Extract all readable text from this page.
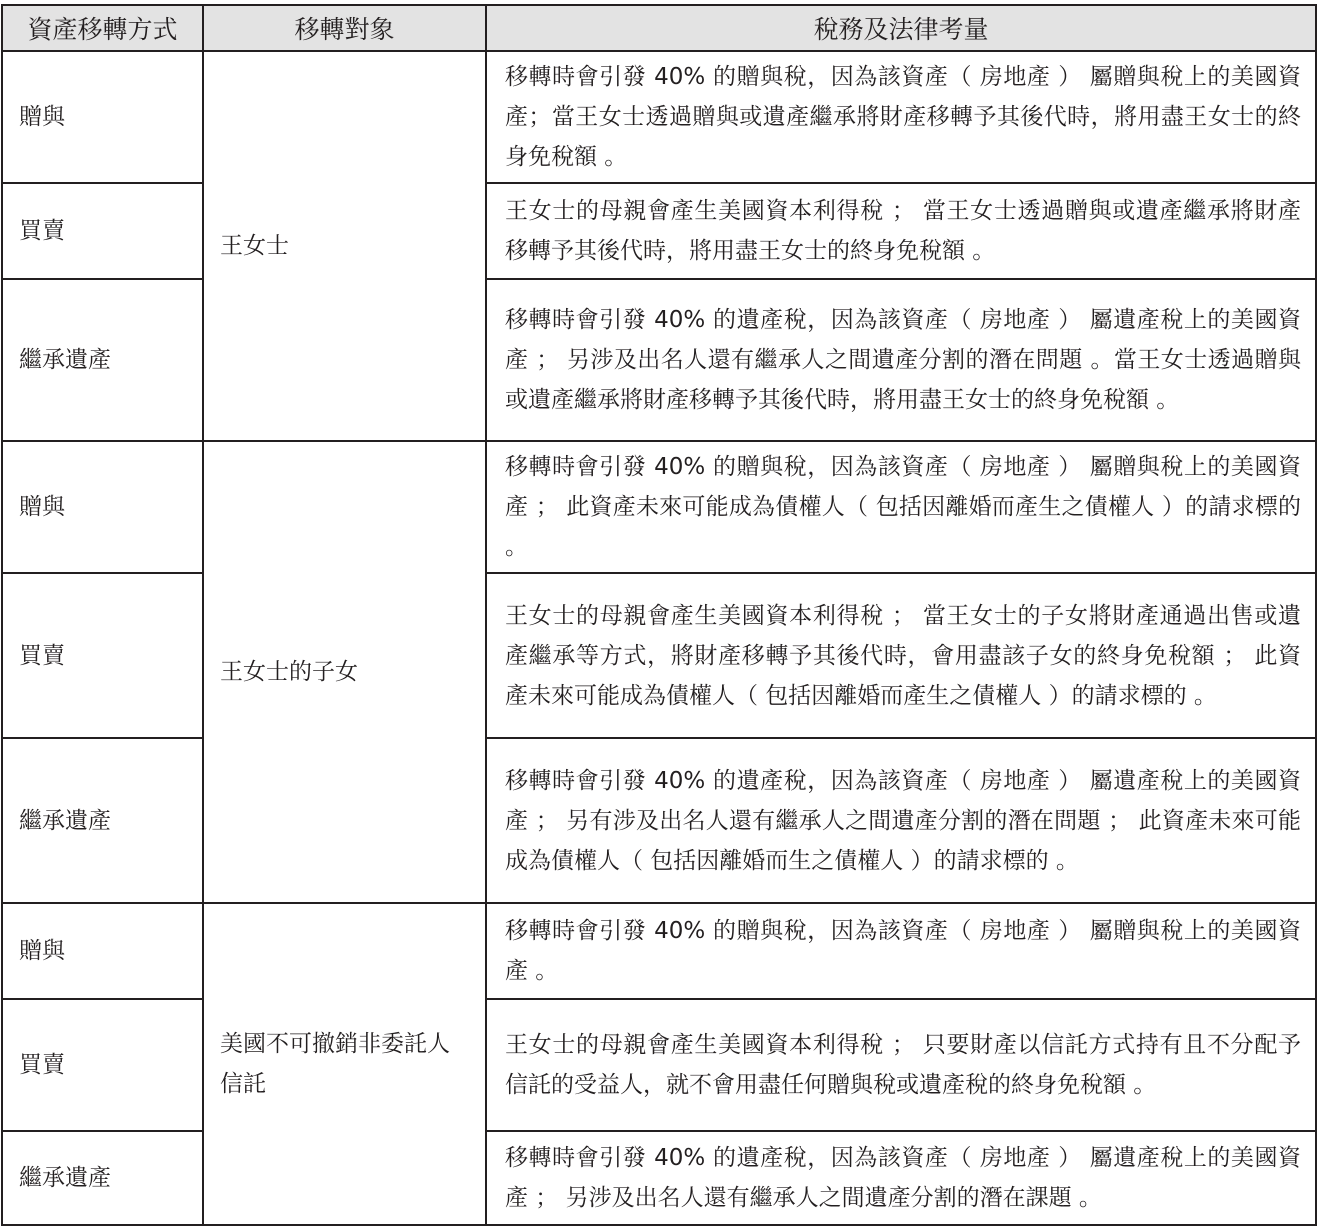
資產移轉方式	移轉對象	稅務及法律考量
贈與	王女士	移轉時會引發 40% 的贈與稅，因為該資產（ 房地產 ） 屬贈與稅上的美國資產；當王女士透過贈與或遺產繼承將財產移轉予其後代時，將用盡王女士的終身免稅額 。
買賣		王女士的母親會產生美國資本利得稅 ； 當王女士透過贈與或遺產繼承將財產移轉予其後代時，將用盡王女士的終身免稅額 。
繼承遺產		移轉時會引發 40% 的遺產稅，因為該資產（ 房地產 ） 屬遺產稅上的美國資產 ； 另涉及出名人還有繼承人之間遺產分割的潛在問題 。當王女士透過贈與或遺產繼承將財產移轉予其後代時，將用盡王女士的終身免稅額 。
贈與	王女士的子女	移轉時會引發 40% 的贈與稅，因為該資產（ 房地產 ） 屬贈與稅上的美國資產 ； 此資產未來可能成為債權人（ 包括因離婚而產生之債權人 ）的請求標的 。
買賣		王女士的母親會產生美國資本利得稅 ； 當王女士的子女將財產通過出售或遺產繼承等方式，將財產移轉予其後代時，會用盡該子女的終身免稅額 ； 此資產未來可能成為債權人（ 包括因離婚而產生之債權人 ）的請求標的 。
繼承遺產		移轉時會引發 40% 的遺產稅，因為該資產（ 房地產 ） 屬遺產稅上的美國資產 ； 另有涉及出名人還有繼承人之間遺產分割的潛在問題 ； 此資產未來可能成為債權人（ 包括因離婚而生之債權人 ）的請求標的 。
贈與	美國不可撤銷非委託人信託	移轉時會引發 40% 的贈與稅，因為該資產（ 房地產 ） 屬贈與稅上的美國資產 。
買賣		王女士的母親會產生美國資本利得稅 ； 只要財產以信託方式持有且不分配予信託的受益人，就不會用盡任何贈與稅或遺產稅的終身免稅額 。
繼承遺產		移轉時會引發 40% 的遺產稅，因為該資產（ 房地產 ） 屬遺產稅上的美國資產 ； 另涉及出名人還有繼承人之間遺產分割的潛在課題 。
